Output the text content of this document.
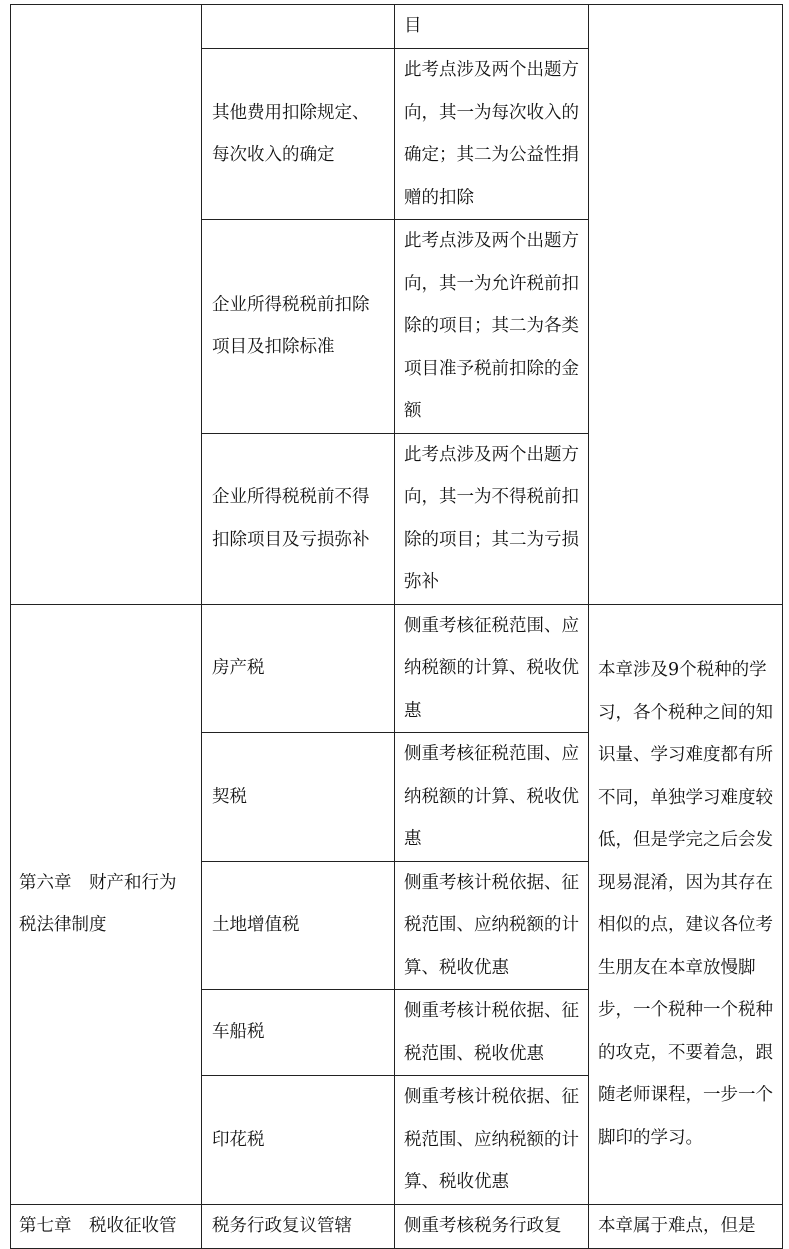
		目	

	其他费用扣除规定、每次收入的确定	此考点涉及两个出题方向，其一为每次收入的确定；其二为公益性捐赠的扣除	

	企业所得税税前扣除项目及扣除标准	此考点涉及两个出题方向，其一为允许税前扣除的项目；其二为各类项目准予税前扣除的金额	

	企业所得税税前不得扣除项目及亏损弥补	此考点涉及两个出题方向，其一为不得税前扣除的项目；其二为亏损弥补	

第六章　财产和行为税法律制度	房产税	侧重考核征税范围、应纳税额的计算、税收优惠	本章涉及9个税种的学习，各个税种之间的知识量、学习难度都有所不同，单独学习难度较低，但是学完之后会发现易混淆，因为其存在相似的点，建议各位考生朋友在本章放慢脚步，一个税种一个税种的攻克，不要着急，跟随老师课程，一步一个脚印的学习。

	契税	侧重考核征税范围、应纳税额的计算、税收优惠	

	土地增值税	侧重考核计税依据、征税范围、应纳税额的计算、税收优惠	

	车船税	侧重考核计税依据、征税范围、税收优惠	

	印花税	侧重考核计税依据、征税范围、应纳税额的计算、税收优惠	

第七章　税收征收管	税务行政复议管辖	侧重考核税务行政复	本章属于难点，但是
